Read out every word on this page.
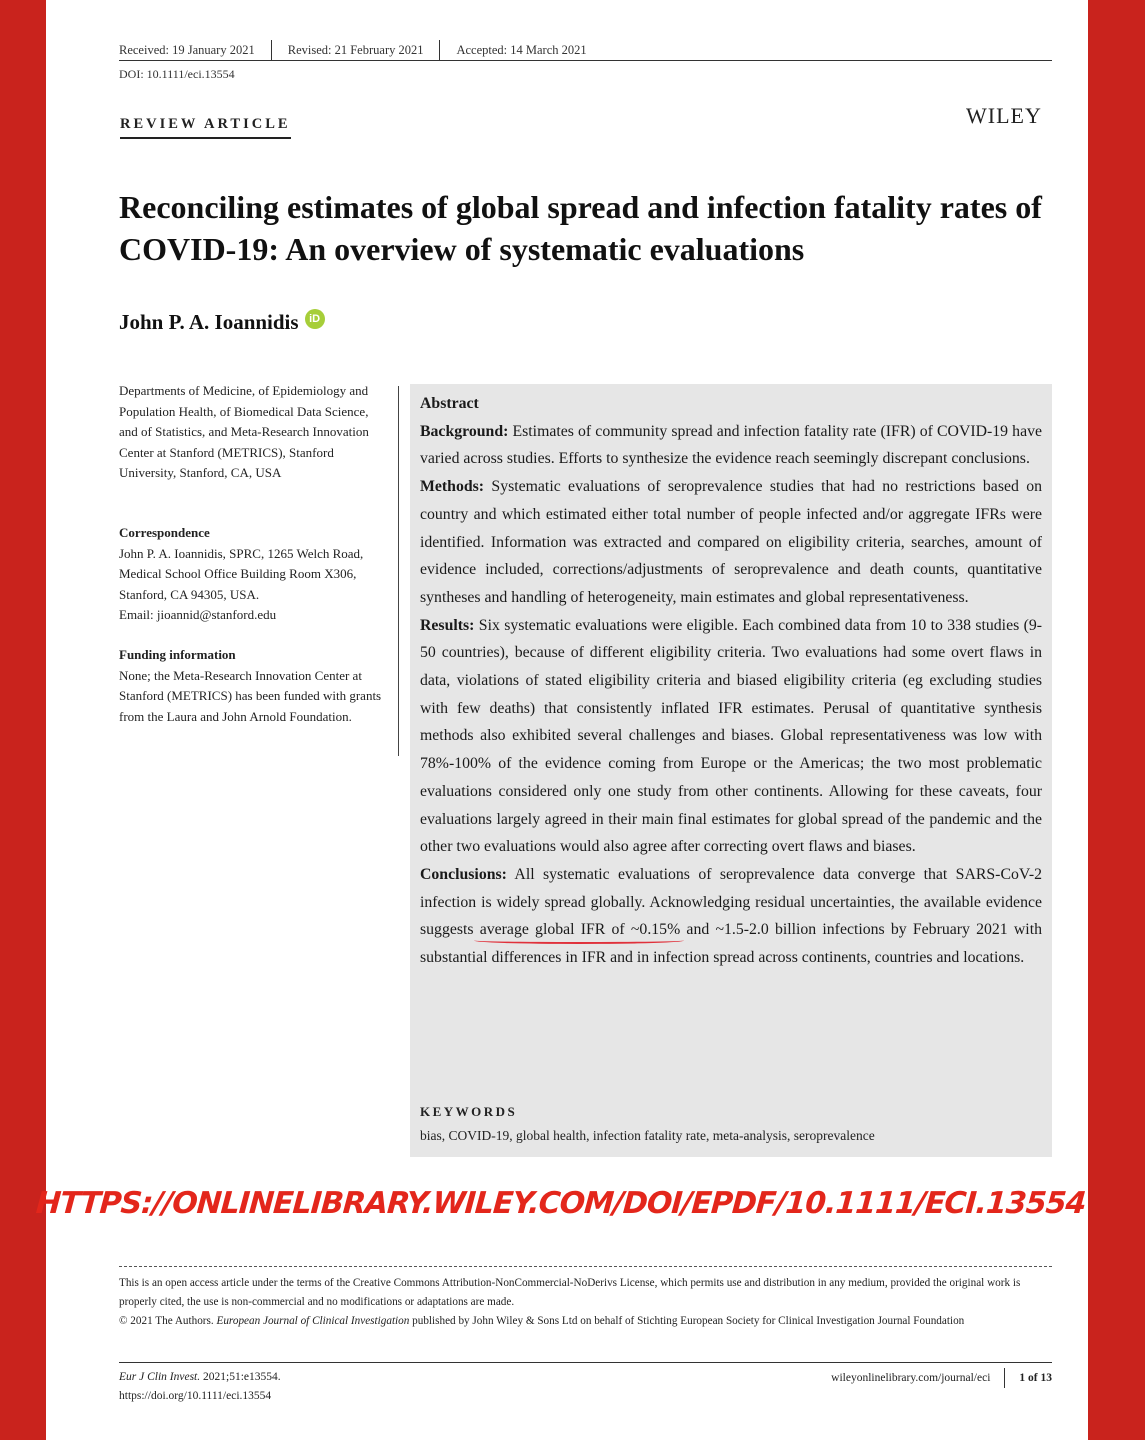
Received: 19 January 2021	Revised: 21 February 2021	Accepted: 14 March 2021
DOI: 10.1111/eci.13554
REVIEW ARTICLE	WILEY
Reconciling estimates of global spread and infection fatality rates of COVID-19: An overview of systematic evaluations
John P. A. Ioannidis iD
Departments of Medicine, of Epidemiology and Population Health, of Biomedical Data Science, and of Statistics, and Meta-Research Innovation Center at Stanford (METRICS), Stanford University, Stanford, CA, USA
Correspondence
John P. A. Ioannidis, SPRC, 1265 Welch Road, Medical School Office Building Room X306, Stanford, CA 94305, USA.
Email: jioannid@stanford.edu
Funding information
None; the Meta-Research Innovation Center at Stanford (METRICS) has been funded with grants from the Laura and John Arnold Foundation.

Abstract

Background: Estimates of community spread and infection fatality rate (IFR) of COVID-19 have varied across studies. Efforts to synthesize the evidence reach seemingly discrepant conclusions.

Methods: Systematic evaluations of seroprevalence studies that had no restrictions based on country and which estimated either total number of people infected and/or aggregate IFRs were identified. Information was extracted and compared on eligibility criteria, searches, amount of evidence included, corrections/adjustments of seroprevalence and death counts, quantitative syntheses and handling of heterogeneity, main estimates and global representativeness.

Results: Six systematic evaluations were eligible. Each combined data from 10 to 338 studies (9-50 countries), because of different eligibility criteria. Two evaluations had some overt flaws in data, violations of stated eligibility criteria and biased eligibility criteria (eg excluding studies with few deaths) that consistently inflated IFR estimates. Perusal of quantitative synthesis methods also exhibited several challenges and biases. Global representativeness was low with 78%-100% of the evidence coming from Europe or the Americas; the two most problematic evaluations considered only one study from other continents. Allowing for these caveats, four evaluations largely agreed in their main final estimates for global spread of the pandemic and the other two evaluations would also agree after correcting overt flaws and biases.

Conclusions: All systematic evaluations of seroprevalence data converge that SARS-CoV-2 infection is widely spread globally. Acknowledging residual uncertainties, the available evidence suggests average global IFR of ~0.15% and ~1.5-2.0 billion infections by February 2021 with substantial differences in IFR and in infection spread across continents, countries and locations.

KEYWORDS
bias, COVID-19, global health, infection fatality rate, meta-analysis, seroprevalence
This is an open access article under the terms of the Creative Commons Attribution-NonCommercial-NoDerivs License, which permits use and distribution in any medium, provided the original work is properly cited, the use is non-commercial and no modifications or adaptations are made.
© 2021 The Authors. European Journal of Clinical Investigation published by John Wiley & Sons Ltd on behalf of Stichting European Society for Clinical Investigation Journal Foundation
Eur J Clin Invest. 2021;51:e13554.
https://doi.org/10.1111/eci.13554
wileyonlinelibrary.com/journal/eci	1 of 13
HTTPS://ONLINELIBRARY.WILEY.COM/DOI/EPDF/10.1111/ECI.13554
